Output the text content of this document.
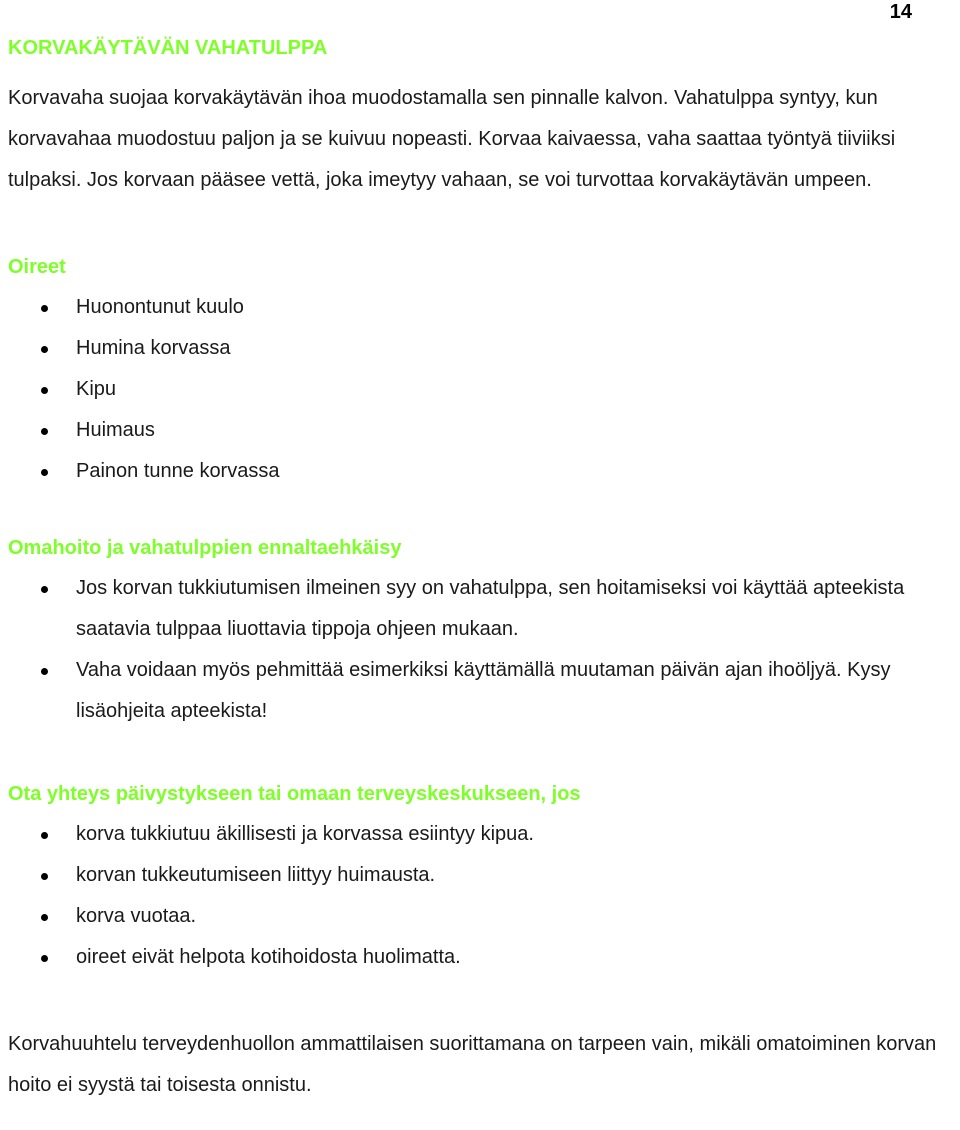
14
KORVAKÄYTÄVÄN VAHATULPPA

Korvavaha suojaa korvakäytävän ihoa muodostamalla sen pinnalle kalvon. Vahatulppa syntyy, kun korvavahaa muodostuu paljon ja se kuivuu nopeasti. Korvaa kaivaessa, vaha saattaa työntyä tiiviiksi tulpaksi. Jos korvaan pääsee vettä, joka imeytyy vahaan, se voi turvottaa korvakäytävän umpeen.

Oireet
Huonontunut kuulo
Humina korvassa
Kipu
Huimaus
Painon tunne korvassa
Omahoito ja vahatulppien ennaltaehkäisy
Jos korvan tukkiutumisen ilmeinen syy on vahatulppa, sen hoitamiseksi voi käyttää apteekista saatavia tulppaa liuottavia tippoja ohjeen mukaan.
Vaha voidaan myös pehmittää esimerkiksi käyttämällä muutaman päivän ajan ihoöljyä. Kysy lisäohjeita apteekista!
Ota yhteys päivystykseen tai omaan terveyskeskukseen, jos
korva tukkiutuu äkillisesti ja korvassa esiintyy kipua.
korvan tukkeutumiseen liittyy huimausta.
korva vuotaa.
oireet eivät helpota kotihoidosta huolimatta.

Korvahuuhtelu terveydenhuollon ammattilaisen suorittamana on tarpeen vain, mikäli omatoiminen korvan hoito ei syystä tai toisesta onnistu.
